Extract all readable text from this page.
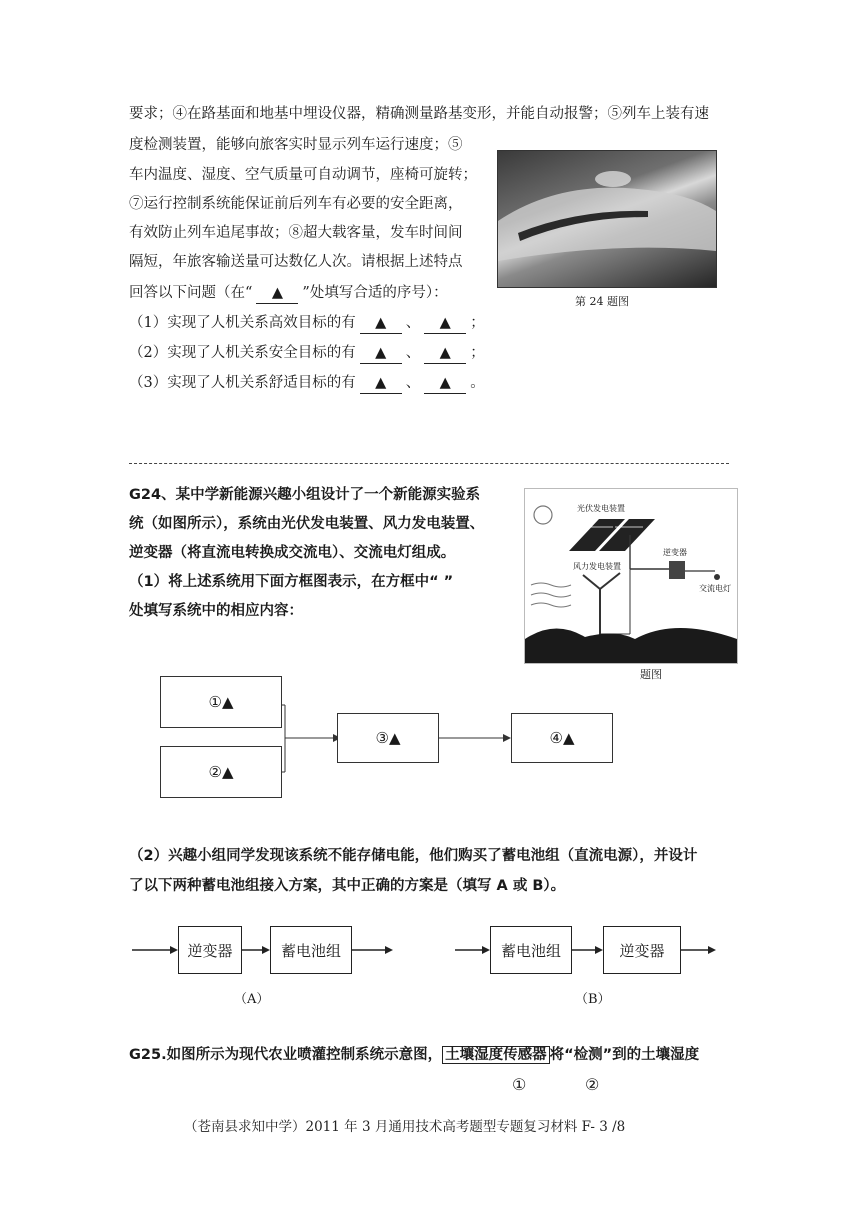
要求；④在路基面和地基中埋设仪器，精确测量路基变形，并能自动报警；⑤列车上装有速
度检测装置，能够向旅客实时显示列车运行速度；⑤
车内温度、湿度、空气质量可自动调节，座椅可旋转；
⑦运行控制系统能保证前后列车有必要的安全距离，
有效防止列车追尾事故；⑧超大载客量，发车时间间
隔短，年旅客输送量可达数亿人次。请根据上述特点
回答以下问题（在“ ▲ ”处填写合适的序号）：
（1）实现了人机关系高效目标的有 ▲ 、 ▲ ；
（2）实现了人机关系安全目标的有 ▲ 、 ▲ ；
（3）实现了人机关系舒适目标的有 ▲ 、 ▲ 。
第 24 题图
G24、某中学新能源兴趣小组设计了一个新能源实验系
统（如图所示），系统由光伏发电装置、风力发电装置、
逆变器（将直流电转换成交流电）、交流电灯组成。
（1）将上述系统用下面方框图表示，在方框中“ ”
处填写系统中的相应内容：
光伏发电装置
风力发电装置
逆变器
交流电灯
题图
①▲
②▲
③▲	④▲
（2）兴趣小组同学发现该系统不能存储电能，他们购买了蓄电池组（直流电源），并设计
了以下两种蓄电池组接入方案，其中正确的方案是（填写 A 或 B）。
逆变器	蓄电池组
（A）
蓄电池组	逆变器
（B）
G25.如图所示为现代农业喷灌控制系统示意图， 土壤湿度传感器 将“检测”到的土壤湿度
①	②
（苍南县求知中学）2011 年 3 月通用技术高考题型专题复习材料 F- 3 /8
